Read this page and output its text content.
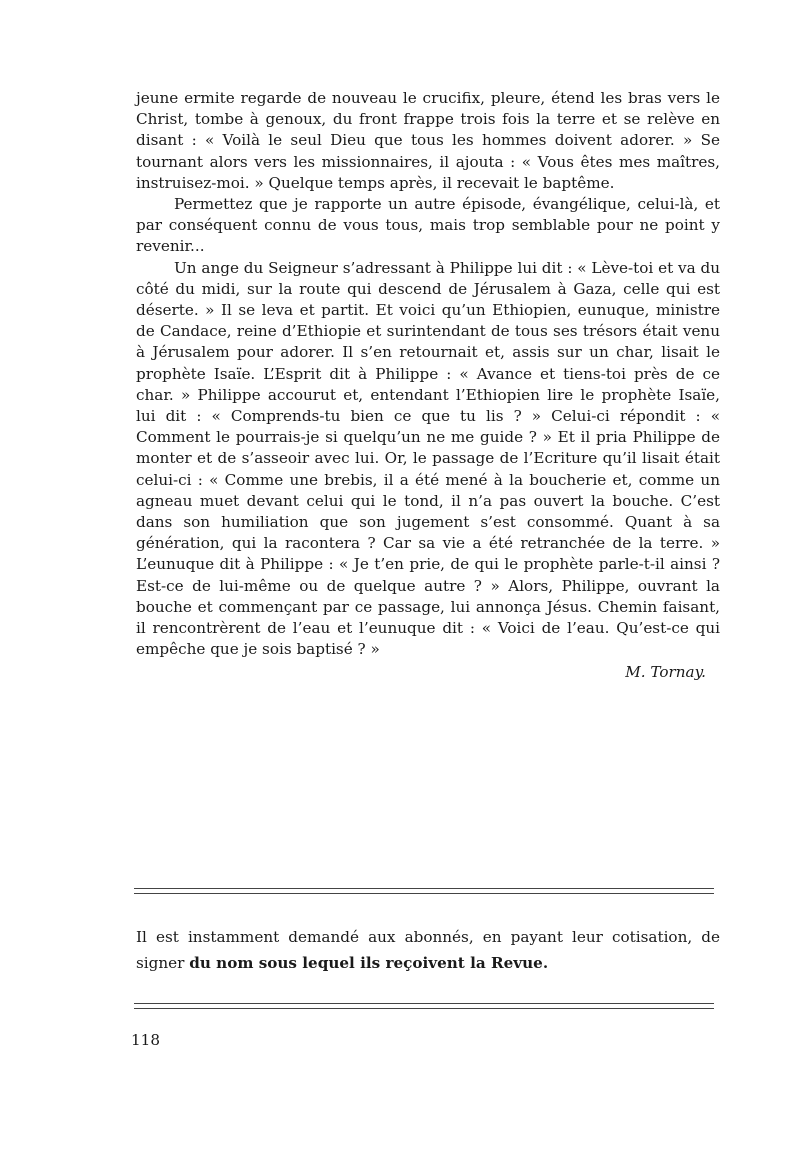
jeune ermite regarde de nouveau le crucifix, pleure, étend les bras vers le Christ, tombe à genoux, du front frappe trois fois la terre et se relève en disant : « Voilà le seul Dieu que tous les hommes doivent adorer. » Se tournant alors vers les missionnaires, il ajouta : « Vous êtes mes maîtres, instruisez-moi. » Quelque temps après, il recevait le baptême.

Permettez que je rapporte un autre épisode, évangélique, celui-là, et par conséquent connu de vous tous, mais trop semblable pour ne point y revenir...

Un ange du Seigneur s’adressant à Philippe lui dit : « Lève-toi et va du côté du midi, sur la route qui descend de Jérusalem à Gaza, celle qui est déserte. » Il se leva et partit. Et voici qu’un Ethiopien, eunuque, ministre de Candace, reine d’Ethiopie et surintendant de tous ses trésors était venu à Jérusalem pour adorer. Il s’en retournait et, assis sur un char, lisait le prophète Isaïe. L’Esprit dit à Philippe : « Avance et tiens-toi près de ce char. » Philippe accourut et, entendant l’Ethiopien lire le prophète Isaïe, lui dit : « Comprends-tu bien ce que tu lis ? » Celui-ci répondit : « Comment le pourrais-je si quelqu’un ne me guide ? » Et il pria Philippe de monter et de s’asseoir avec lui. Or, le passage de l’Ecriture qu’il lisait était celui-ci : « Comme une brebis, il a été mené à la boucherie et, comme un agneau muet devant celui qui le tond, il n’a pas ouvert la bouche. C’est dans son humiliation que son jugement s’est consommé. Quant à sa génération, qui la racontera ? Car sa vie a été retranchée de la terre. » L’eunuque dit à Philippe : « Je t’en prie, de qui le prophète parle-t-il ainsi ? Est-ce de lui-même ou de quelque autre ? » Alors, Philippe, ouvrant la bouche et commençant par ce passage, lui annonça Jésus. Chemin faisant, il rencontrèrent de l’eau et l’eunuque dit : « Voici de l’eau. Qu’est-ce qui empêche que je sois baptisé ? »

M. Tornay.

Il est instamment demandé aux abonnés, en payant leur cotisation, de signer du nom sous lequel ils reçoivent la Revue.

118
